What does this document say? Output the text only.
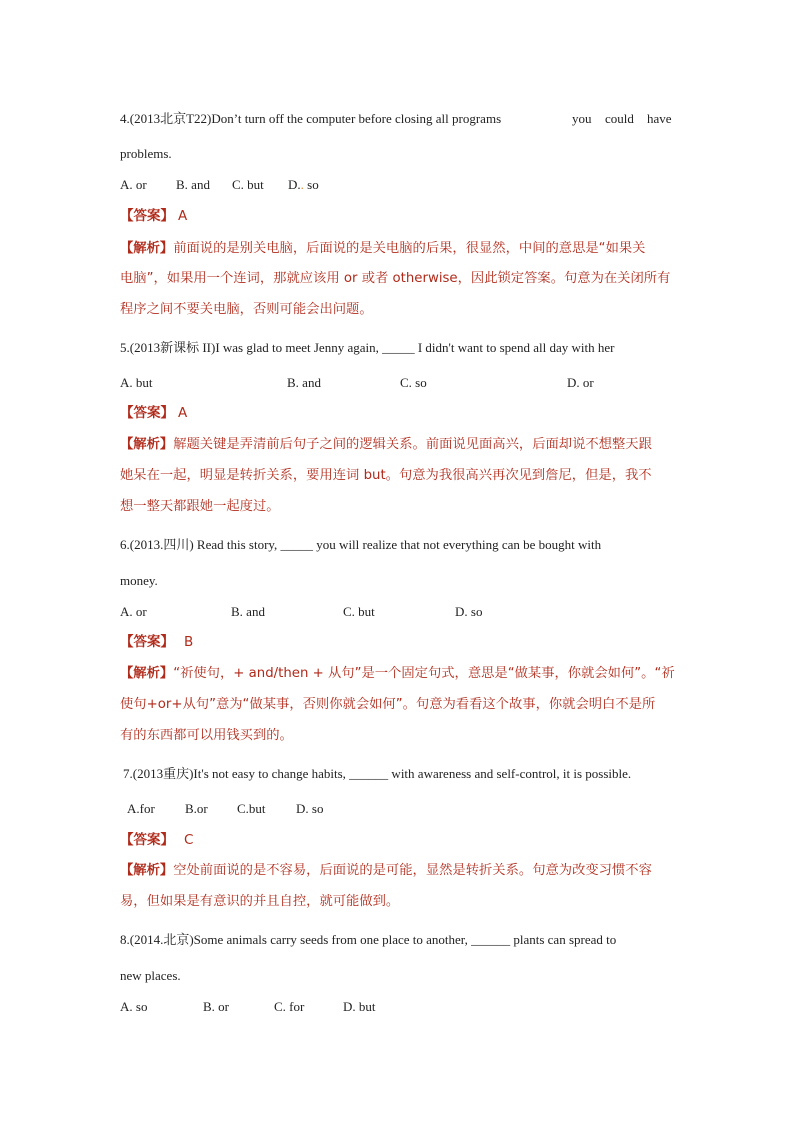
4.(2013北京T22)Don’t turn off the computer before closing all programs	you could have
problems.
A. or B. and C. but D.. so
【答案】 A
【解析】前面说的是别关电脑，后面说的是关电脑的后果，很显然，中间的意思是“如果关
电脑”，如果用一个连词，那就应该用 or 或者 otherwise，因此锁定答案。句意为在关闭所有
程序之间不要关电脑，否则可能会出问题。
5.(2013新课标 II)I was glad to meet Jenny again, _____ I didn't want to spend all day with her
A. but	B. and	C. so	D. or
【答案】 A
【解析】解题关键是弄清前后句子之间的逻辑关系。前面说见面高兴，后面却说不想整天跟
她呆在一起，明显是转折关系，要用连词 but。句意为我很高兴再次见到詹尼，但是，我不
想一整天都跟她一起度过。
6.(2013.四川) Read this story, _____ you will realize that not everything can be bought with
money.
A. or	B. and	C. but	D. so
【答案】 B
【解析】“祈使句，+ and/then + 从句”是一个固定句式，意思是“做某事，你就会如何”。“祈
使句+or+从句”意为“做某事，否则你就会如何”。句意为看看这个故事，你就会明白不是所
有的东西都可以用钱买到的。
7.(2013重庆)It's not easy to change habits, ______ with awareness and self-control, it is possible.
A.for B.or C.but D. so
【答案】 C
【解析】空处前面说的是不容易，后面说的是可能，显然是转折关系。句意为改变习惯不容
易，但如果是有意识的并且自控，就可能做到。
8.(2014.北京)Some animals carry seeds from one place to another, ______ plants can spread to
new places.
A. so	B. or	C. for	D. but
